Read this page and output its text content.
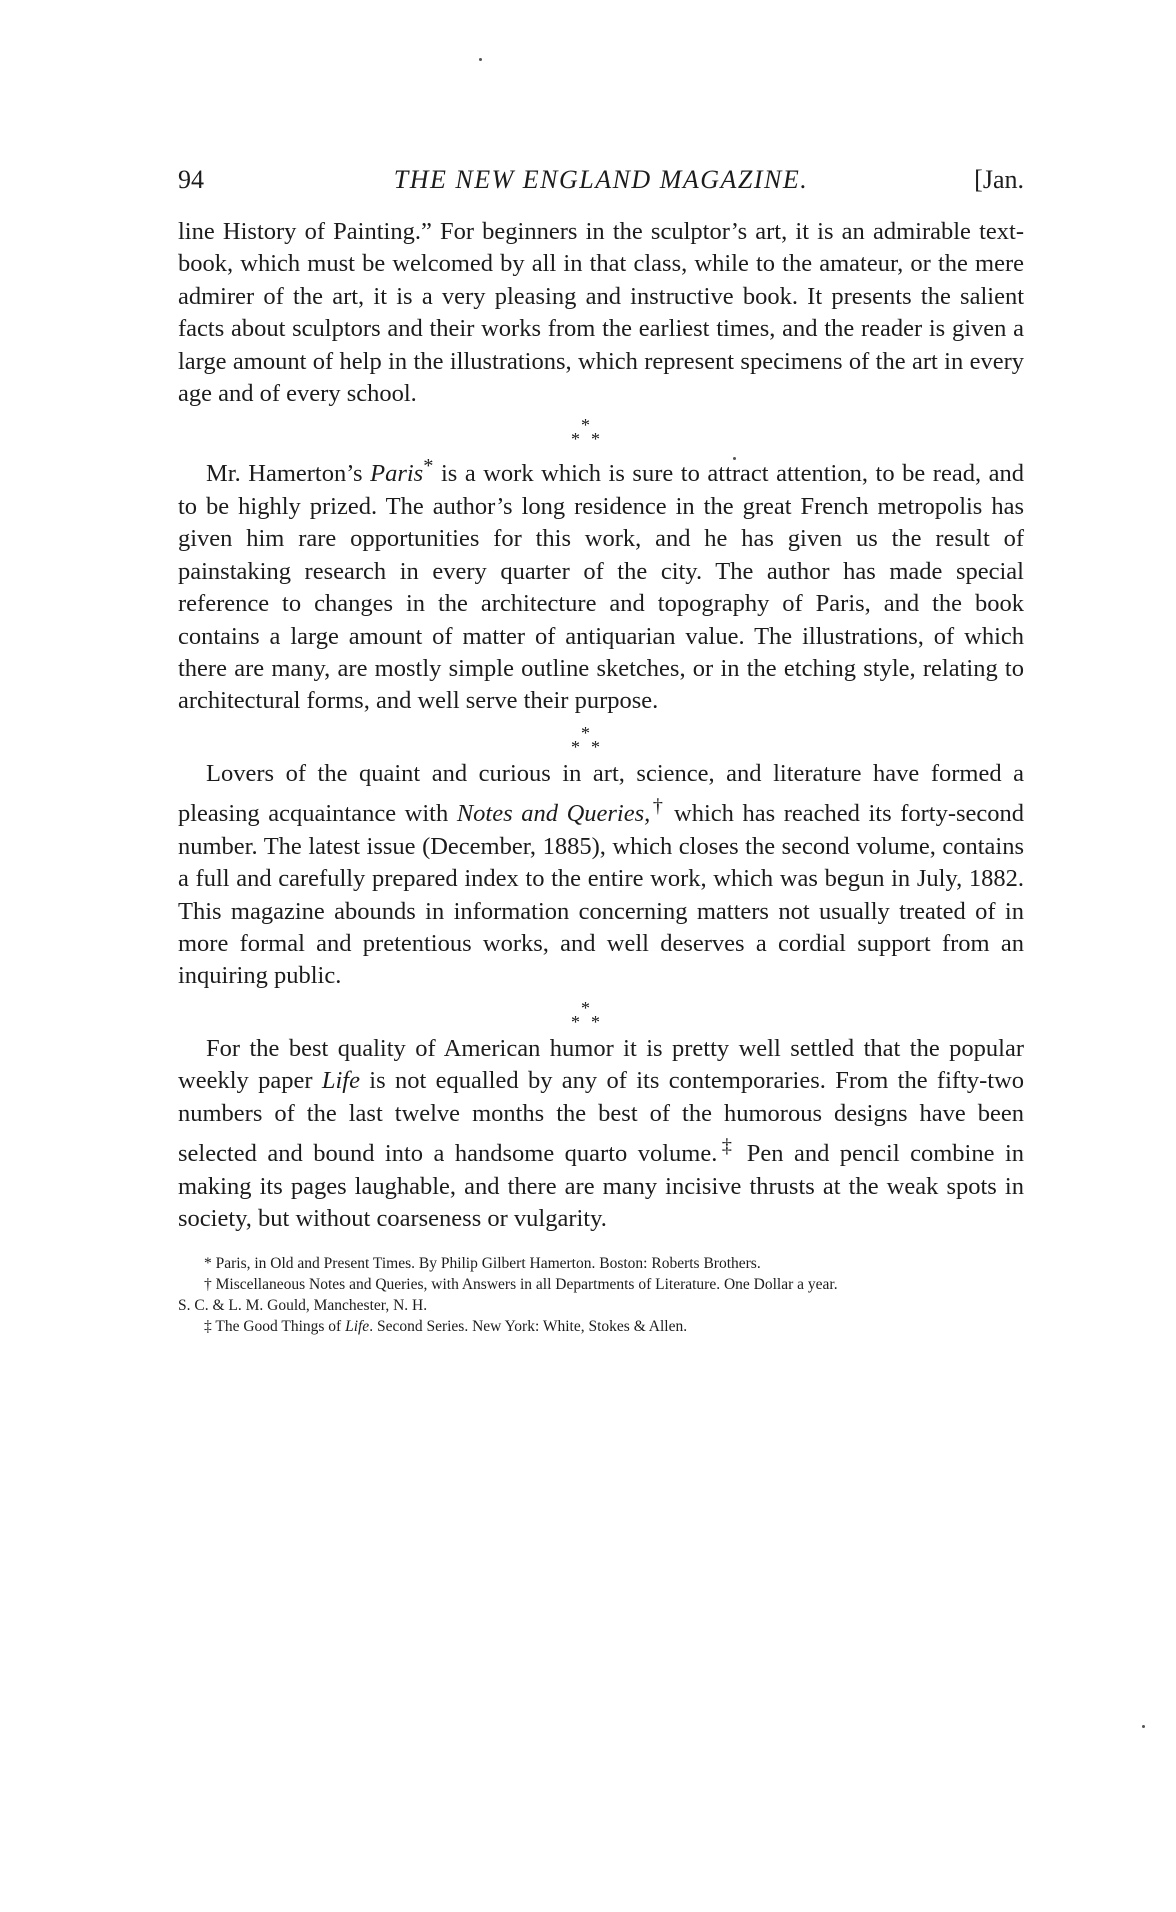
94	THE NEW ENGLAND MAGAZINE.	[Jan.

line History of Painting.” For beginners in the sculptor’s art, it is an admirable text-book, which must be welcomed by all in that class, while to the amateur, or the mere admirer of the art, it is a very pleasing and instructive book. It presents the salient facts about sculptors and their works from the earliest times, and the reader is given a large amount of help in the illustrations, which represent specimens of the art in every age and of every school.

*
* *

Mr. Hamerton’s Paris* is a work which is sure to attract attention, to be read, and to be highly prized. The author’s long residence in the great French metropolis has given him rare opportunities for this work, and he has given us the result of painstaking research in every quarter of the city. The author has made special reference to changes in the architecture and topography of Paris, and the book contains a large amount of matter of antiquarian value. The illustrations, of which there are many, are mostly simple outline sketches, or in the etching style, relating to architectural forms, and well serve their purpose.

*
* *

Lovers of the quaint and curious in art, science, and literature have formed a pleasing acquaintance with Notes and Queries,† which has reached its forty-second number. The latest issue (December, 1885), which closes the second volume, contains a full and carefully prepared index to the entire work, which was begun in July, 1882. This magazine abounds in information concerning matters not usually treated of in more formal and pretentious works, and well deserves a cordial support from an inquiring public.

*
* *

For the best quality of American humor it is pretty well settled that the popular weekly paper Life is not equalled by any of its contemporaries. From the fifty-two numbers of the last twelve months the best of the humorous designs have been selected and bound into a handsome quarto volume.‡ Pen and pencil combine in making its pages laughable, and there are many incisive thrusts at the weak spots in society, but without coarseness or vulgarity.

* Paris, in Old and Present Times. By Philip Gilbert Hamerton. Boston: Roberts Brothers.

† Miscellaneous Notes and Queries, with Answers in all Departments of Literature. One Dollar a year.

S. C. & L. M. Gould, Manchester, N. H.

‡ The Good Things of Life. Second Series. New York: White, Stokes & Allen.
